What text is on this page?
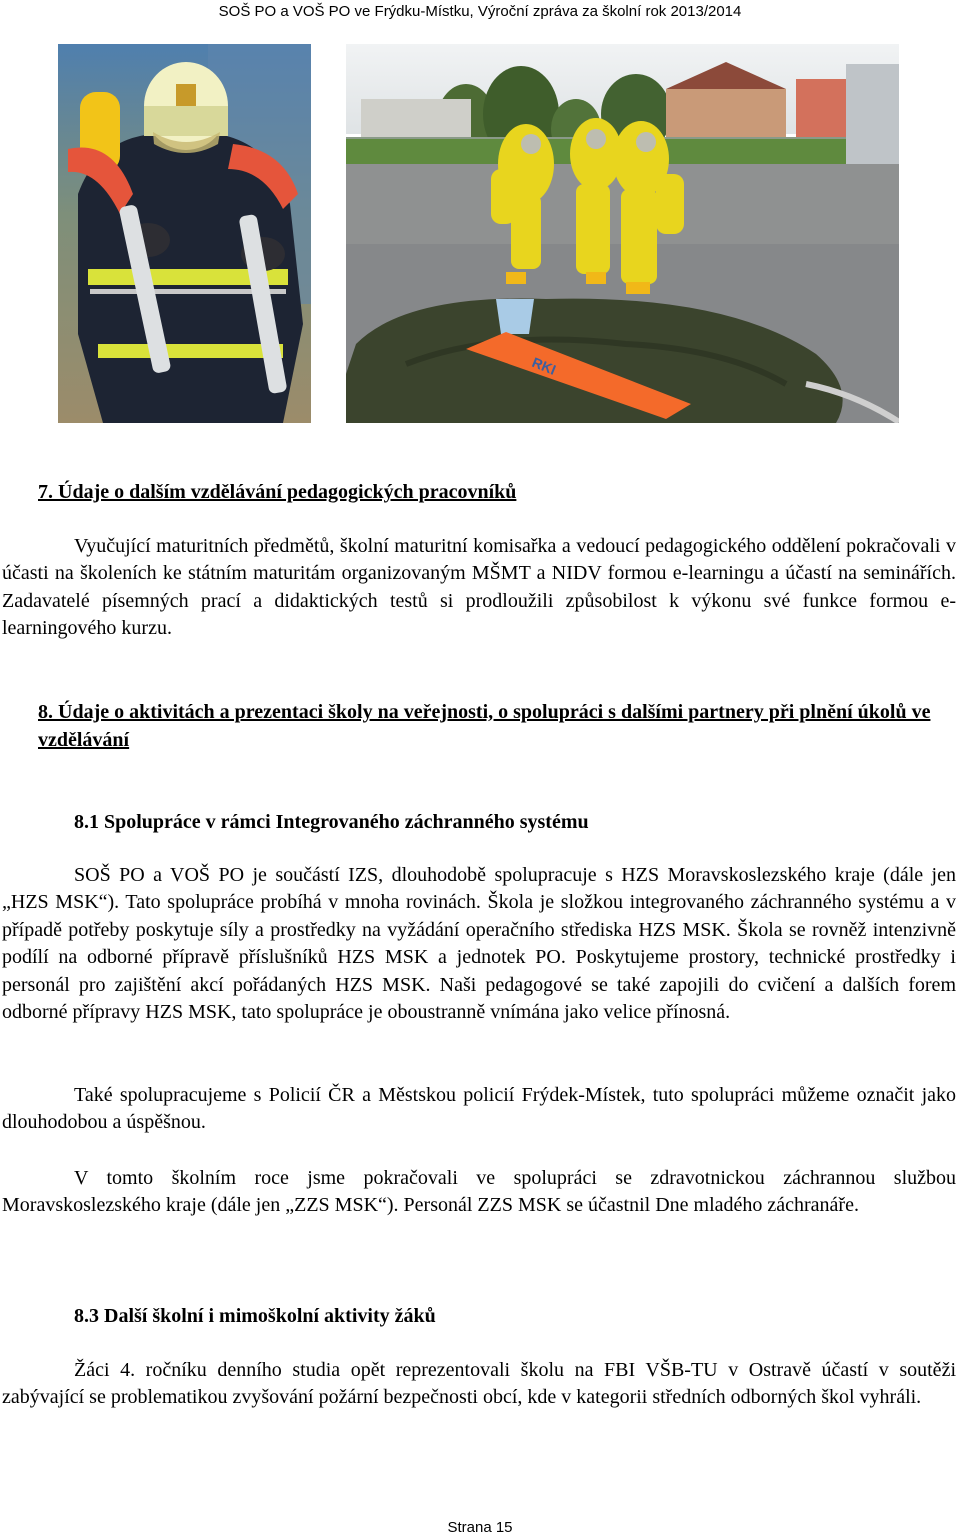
SOŠ PO a VOŠ PO ve Frýdku-Místku, Výroční zpráva za školní rok 2013/2014
RKI
7. Údaje o dalším vzdělávání pedagogických pracovníků

Vyučující maturitních předmětů, školní maturitní komisařka a vedoucí pedagogického oddělení pokračovali v účasti na školeních ke státním maturitám organizovaným MŠMT a NIDV formou e-learningu a účastí na seminářích. Zadavatelé písemných prací a didaktických testů si prodloužili způsobilost k výkonu své funkce formou e-learningového kurzu.

8. Údaje o aktivitách a prezentaci školy na veřejnosti, o spolupráci s dalšími partnery při plnění úkolů ve vzdělávání
8.1 Spolupráce v rámci Integrovaného záchranného systému

SOŠ PO a VOŠ PO je součástí IZS, dlouhodobě spolupracuje s HZS Moravskoslezského kraje (dále jen „HZS MSK“). Tato spolupráce probíhá v mnoha rovinách. Škola je složkou integrovaného záchranného systému a v případě potřeby poskytuje síly a prostředky na vyžádání operačního střediska HZS MSK. Škola se rovněž intenzivně podílí na odborné přípravě příslušníků HZS MSK a jednotek PO. Poskytujeme prostory, technické prostředky i personál pro zajištění akcí pořádaných HZS MSK. Naši pedagogové se také zapojili do cvičení a dalších forem odborné přípravy HZS MSK, tato spolupráce je oboustranně vnímána jako velice přínosná.

Také spolupracujeme s Policií ČR a Městskou policií Frýdek-Místek, tuto spolupráci můžeme označit jako dlouhodobou a úspěšnou.

V tomto školním roce jsme pokračovali ve spolupráci se zdravotnickou záchrannou službou Moravskoslezského kraje (dále jen „ZZS MSK“). Personál ZZS MSK se účastnil Dne mladého záchranáře.

8.3 Další školní i mimoškolní aktivity žáků

Žáci 4. ročníku denního studia opět reprezentovali školu na FBI VŠB-TU v Ostravě účastí v soutěži zabývající se problematikou zvyšování požární bezpečnosti obcí, kde v kategorii středních odborných škol vyhráli.

Strana 15
